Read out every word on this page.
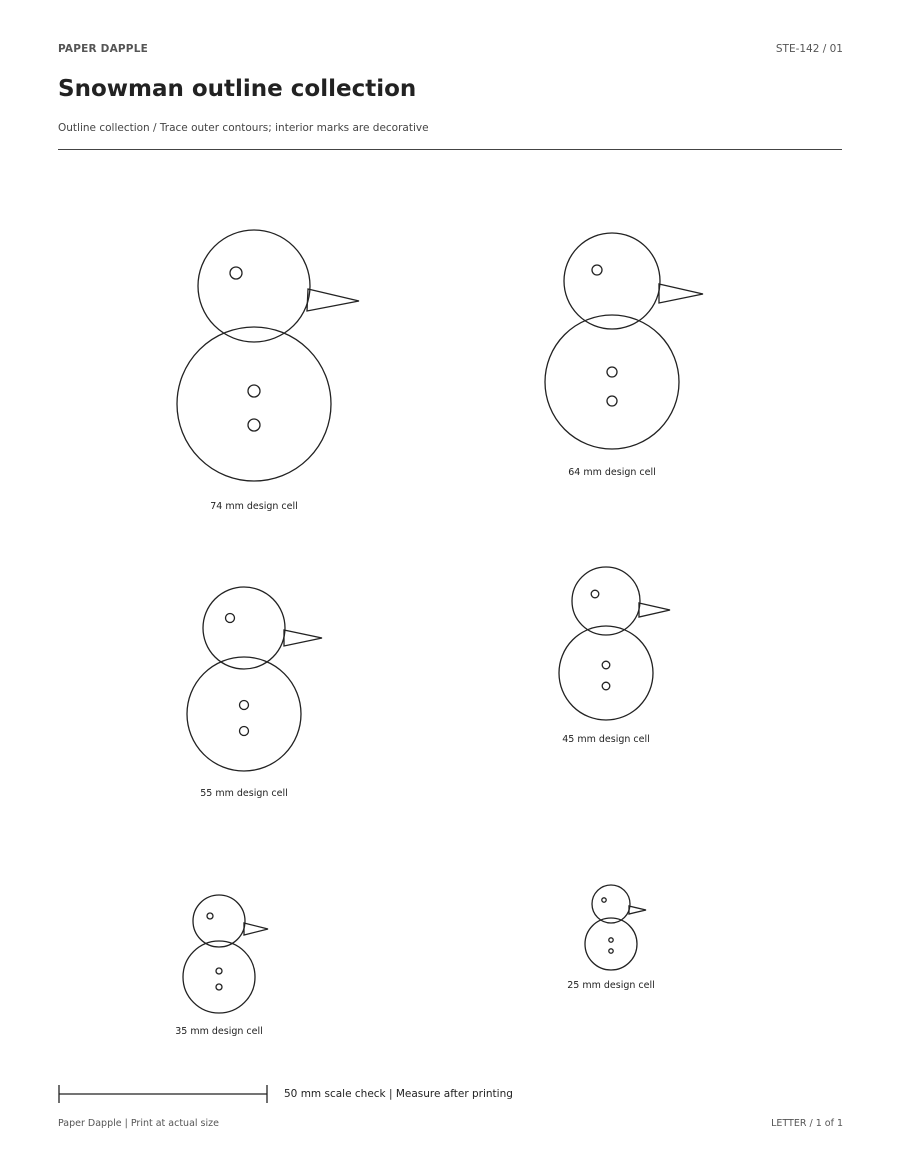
PAPER DAPPLE	STE-142 / 01
Snowman outline collection
Outline collection / Trace outer contours; interior marks are decorative
74 mm design cell
64 mm design cell
55 mm design cell
45 mm design cell
35 mm design cell
25 mm design cell
50 mm scale check | Measure after printing
Paper Dapple | Print at actual size	LETTER / 1 of 1
